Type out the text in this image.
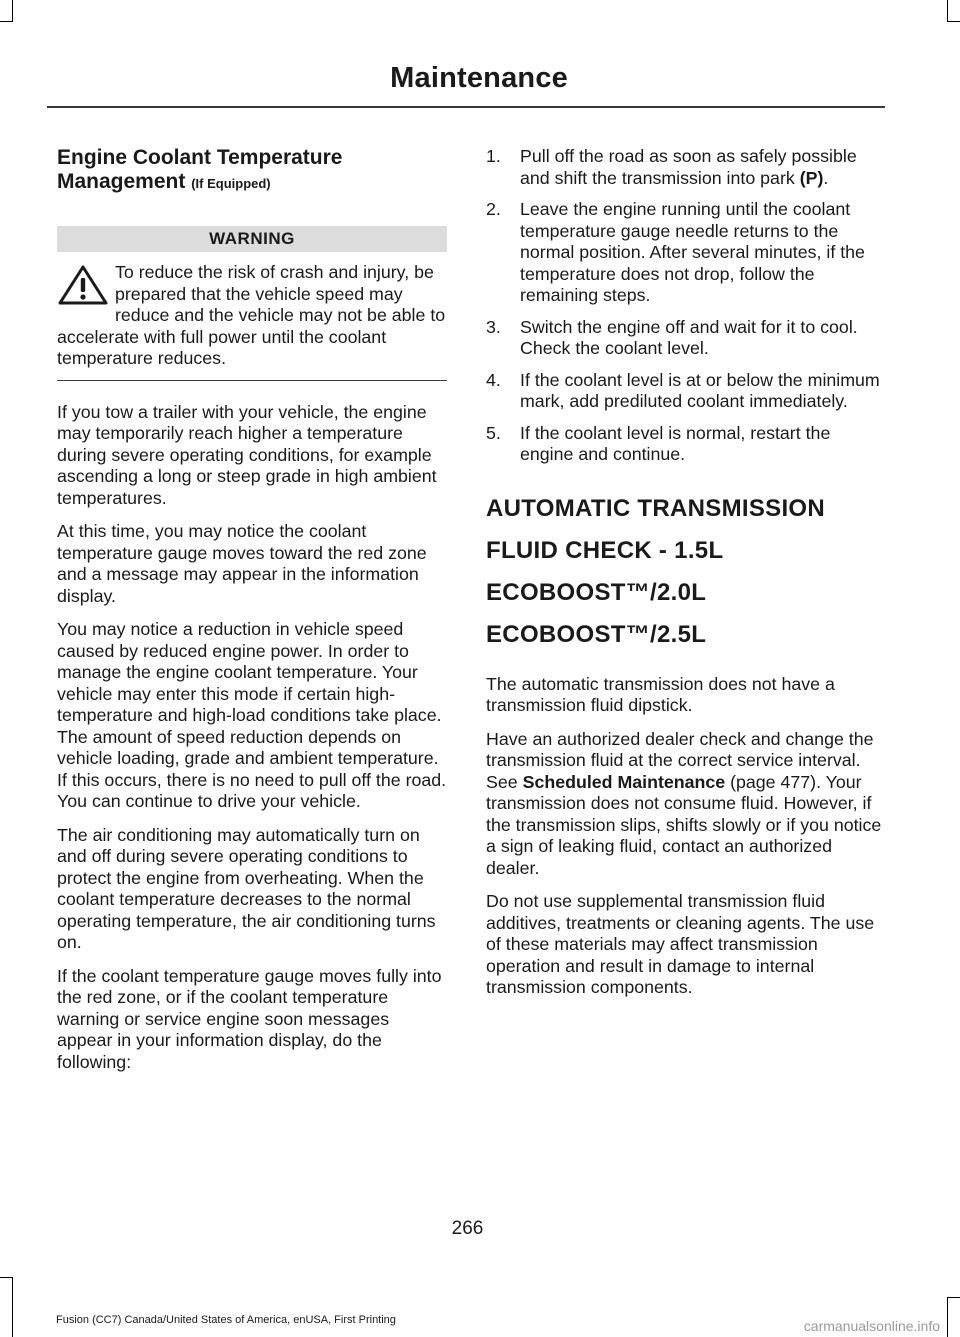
Maintenance
Engine Coolant Temperature
Management (If Equipped)
WARNING
To reduce the risk of crash and injury, be prepared that the vehicle speed may reduce and the vehicle may not be able to accelerate with full power until the coolant temperature reduces.

If you tow a trailer with your vehicle, the engine may temporarily reach higher a temperature during severe operating conditions, for example ascending a long or steep grade in high ambient temperatures.

At this time, you may notice the coolant temperature gauge moves toward the red zone and a message may appear in the information display.

You may notice a reduction in vehicle speed caused by reduced engine power. In order to manage the engine coolant temperature. Your vehicle may enter this mode if certain high-temperature and high-load conditions take place. The amount of speed reduction depends on vehicle loading, grade and ambient temperature. If this occurs, there is no need to pull off the road. You can continue to drive your vehicle.

The air conditioning may automatically turn on and off during severe operating conditions to protect the engine from overheating. When the coolant temperature decreases to the normal operating temperature, the air conditioning turns on.

If the coolant temperature gauge moves fully into the red zone, or if the coolant temperature warning or service engine soon messages appear in your information display, do the following:

1. Pull off the road as soon as safely possible and shift the transmission into park (P).
2. Leave the engine running until the coolant temperature gauge needle returns to the normal position. After several minutes, if the temperature does not drop, follow the remaining steps.
3. Switch the engine off and wait for it to cool. Check the coolant level.
4. If the coolant level is at or below the minimum mark, add prediluted coolant immediately.
5. If the coolant level is normal, restart the engine and continue.
AUTOMATIC TRANSMISSION
FLUID CHECK - 1.5L
ECOBOOST™/2.0L
ECOBOOST™/2.5L

The automatic transmission does not have a transmission fluid dipstick.

Have an authorized dealer check and change the transmission fluid at the correct service interval. See Scheduled Maintenance (page 477). Your transmission does not consume fluid. However, if the transmission slips, shifts slowly or if you notice a sign of leaking fluid, contact an authorized dealer.

Do not use supplemental transmission fluid additives, treatments or cleaning agents. The use of these materials may affect transmission operation and result in damage to internal transmission components.

266
Fusion (CC7) Canada/United States of America, enUSA, First Printing	carmanualsonline.info
